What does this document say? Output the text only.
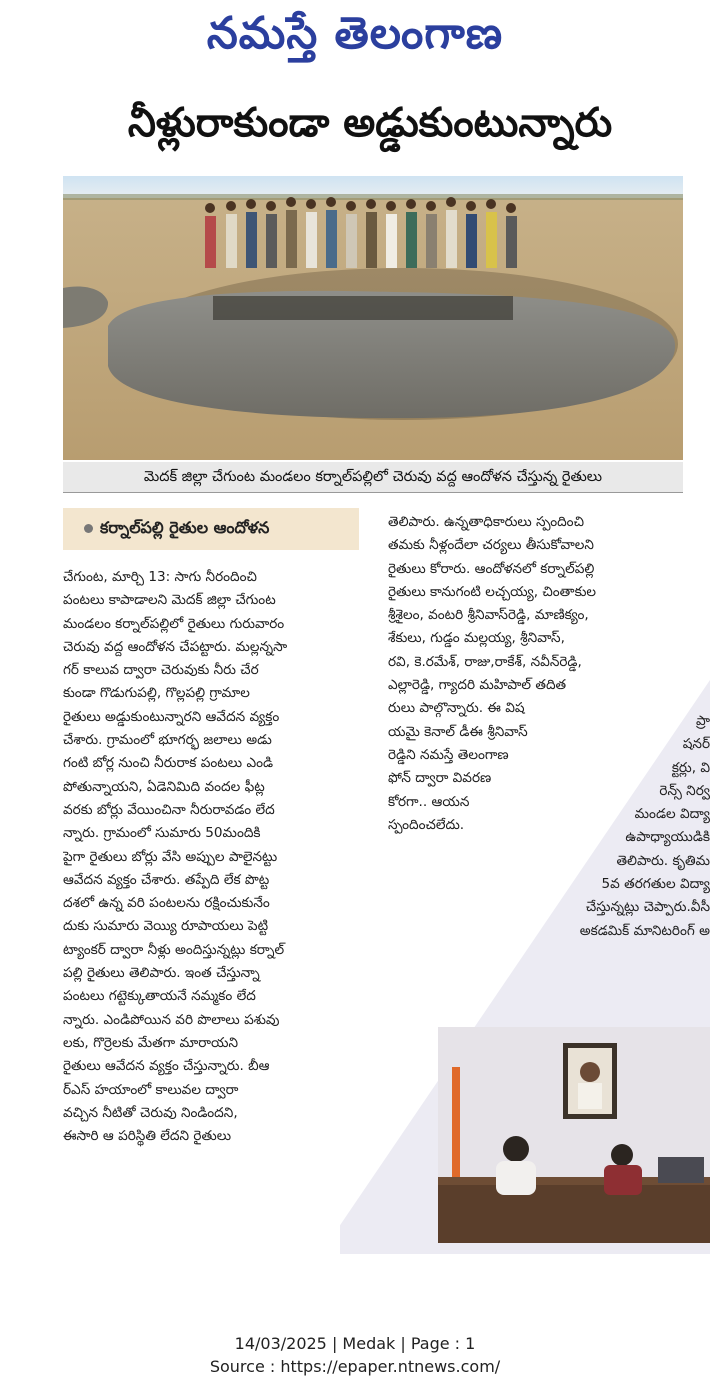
నమస్తే తెలంగాణ
నీళ్లురాకుండా అడ్డుకుంటున్నారు
మెదక్ జిల్లా చేగుంట మండలం కర్నాల్‌పల్లిలో చెరువు వద్ద ఆందోళన చేస్తున్న రైతులు
కర్నాల్‌పల్లి రైతుల ఆందోళన
చేగుంట, మార్చి 13: సాగు నీరందించి
పంటలు కాపాడాలని మెదక్ జిల్లా చేగుంట
మండలం కర్నాల్‌పల్లిలో రైతులు గురువారం
చెరువు వద్ద ఆందోళన చేపట్టారు. మల్లన్నసా
గర్ కాలువ ద్వారా చెరువుకు నీరు చేర
కుండా గొడుగుపల్లి, గొల్లపల్లి గ్రామాల
రైతులు అడ్డుకుంటున్నారని ఆవేదన వ్యక్తం
చేశారు. గ్రామంలో భూగర్భ జలాలు అడు
గంటి బోర్ల నుంచి నీరురాక పంటలు ఎండి
పోతున్నాయని, ఏడెనిమిది వందల ఫీట్ల
వరకు బోర్లు వేయించినా నీరురావడం లేద
న్నారు. గ్రామంలో సుమారు 50మందికి
పైగా రైతులు బోర్లు వేసి అప్పుల పాలైనట్టు
ఆవేదన వ్యక్తం చేశారు. తప్పేది లేక పొట్ట
దశలో ఉన్న వరి పంటలను రక్షించుకునేం
దుకు సుమారు వెయ్యి రూపాయలు పెట్టి
ట్యాంకర్ ద్వారా నీళ్లు అందిస్తున్నట్లు కర్నాల్
పల్లి రైతులు తెలిపారు. ఇంత చేస్తున్నా
పంటలు గట్టెక్కుతాయనే నమ్మకం లేద
న్నారు. ఎండిపోయిన వరి పొలాలు పశువు
లకు, గొర్రెలకు మేతగా మారాయని
రైతులు ఆవేదన వ్యక్తం చేస్తున్నారు. బీఆ
ర్ఎస్ హయాంలో కాలువల ద్వారా
వచ్చిన నీటితో చెరువు నిండిందని,
ఈసారి ఆ పరిస్థితి లేదని రైతులు
తెలిపారు. ఉన్నతాధికారులు స్పందించి
తమకు నీళ్లందేలా చర్యలు తీసుకోవాలని
రైతులు కోరారు. ఆందోళనలో కర్నాల్‌పల్లి
రైతులు కానుగంటి లచ్చయ్య, చింతాకుల
శ్రీశైలం, వంటరి శ్రీనివాస్‌రెడ్డి, మాణిక్యం,
శేకులు, గుడ్డం మల్లయ్య, శ్రీనివాస్,
రవి, కె.రమేశ్, రాజు,రాకేశ్, నవీన్‌రెడ్డి,
ఎల్లారెడ్డి, గ్యాదరి మహిపాల్ తదిత
రులు పాల్గొన్నారు. ఈ విష
యమై కెనాల్ డీఈ శ్రీనివాస్
రెడ్డిని నమస్తే తెలంగాణ
ఫోన్ ద్వారా వివరణ
కోరగా.. ఆయన
స్పందించలేదు.
ప్రా
షనర్
క్టర్లు, వి
రెన్స్ నిర్వ
మండల విద్యా
ఉపాధ్యాయుడికి
తెలిపారు. కృతిమ
5వ తరగతుల విద్యా
చేస్తున్నట్లు చెప్పారు.వీసీ
అకడమిక్ మానిటరింగ్ అ
14/03/2025 | Medak | Page : 1
Source : https://epaper.ntnews.com/
